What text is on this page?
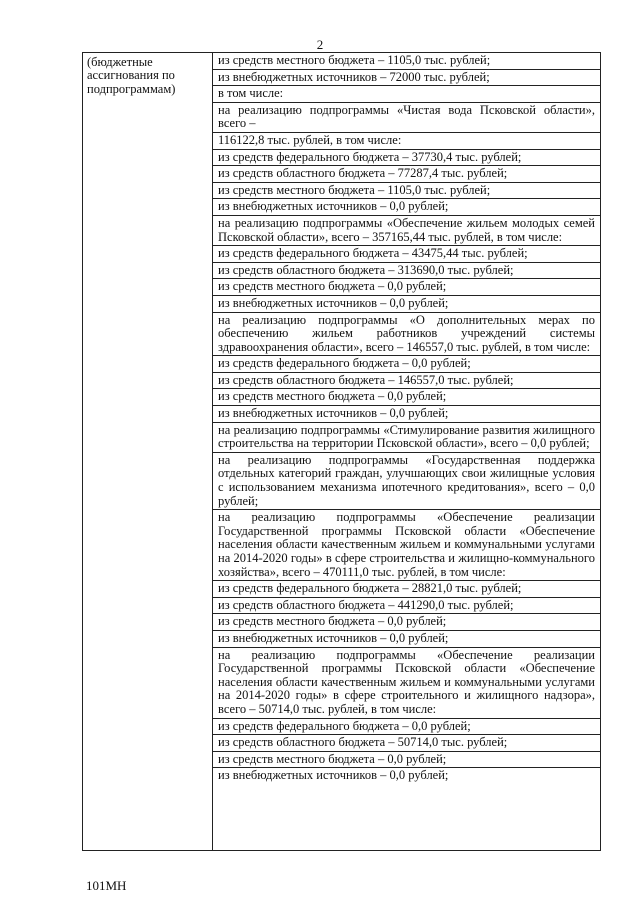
2
(бюджетные ассигнования по подпрограммам)
из средств местного бюджета – 1105,0 тыс. рублей;
из внебюджетных источников – 72000 тыс. рублей;
в том числе:
на реализацию подпрограммы «Чистая вода Псковской области», всего –
116122,8 тыс. рублей, в том числе:
из средств федерального бюджета – 37730,4 тыс. рублей;
из средств областного бюджета – 77287,4 тыс. рублей;
из средств местного бюджета – 1105,0 тыс. рублей;
из внебюджетных источников – 0,0 рублей;
на реализацию подпрограммы «Обеспечение жильем молодых семей Псковской области», всего – 357165,44 тыс. рублей, в том числе:
из средств федерального бюджета – 43475,44 тыс. рублей;
из средств областного бюджета – 313690,0 тыс. рублей;
из средств местного бюджета – 0,0 рублей;
из внебюджетных источников – 0,0 рублей;
на реализацию подпрограммы «О дополнительных мерах по обеспечению жильем работников учреждений системы здравоохранения области», всего – 146557,0 тыс. рублей, в том числе:
из средств федерального бюджета – 0,0 рублей;
из средств областного бюджета – 146557,0 тыс. рублей;
из средств местного бюджета – 0,0 рублей;
из внебюджетных источников – 0,0 рублей;
на реализацию подпрограммы «Стимулирование развития жилищного строительства на территории Псковской области», всего – 0,0 рублей;
на реализацию подпрограммы «Государственная поддержка отдельных категорий граждан, улучшающих свои жилищные условия с использованием механизма ипотечного кредитования», всего – 0,0 рублей;
на реализацию подпрограммы «Обеспечение реализации Государственной программы Псковской области «Обеспечение населения области качественным жильем и коммунальными услугами на 2014-2020 годы» в сфере строительства и жилищно-коммунального хозяйства», всего – 470111,0 тыс. рублей, в том числе:
из средств федерального бюджета – 28821,0 тыс. рублей;
из средств областного бюджета – 441290,0 тыс. рублей;
из средств местного бюджета – 0,0 рублей;
из внебюджетных источников – 0,0 рублей;
на реализацию подпрограммы «Обеспечение реализации Государственной программы Псковской области «Обеспечение населения области качественным жильем и коммунальными услугами на 2014-2020 годы» в сфере строительного и жилищного надзора», всего – 50714,0 тыс. рублей, в том числе:
из средств федерального бюджета – 0,0 рублей;
из средств областного бюджета – 50714,0 тыс. рублей;
из средств местного бюджета – 0,0 рублей;
из внебюджетных источников – 0,0 рублей;
101МН
